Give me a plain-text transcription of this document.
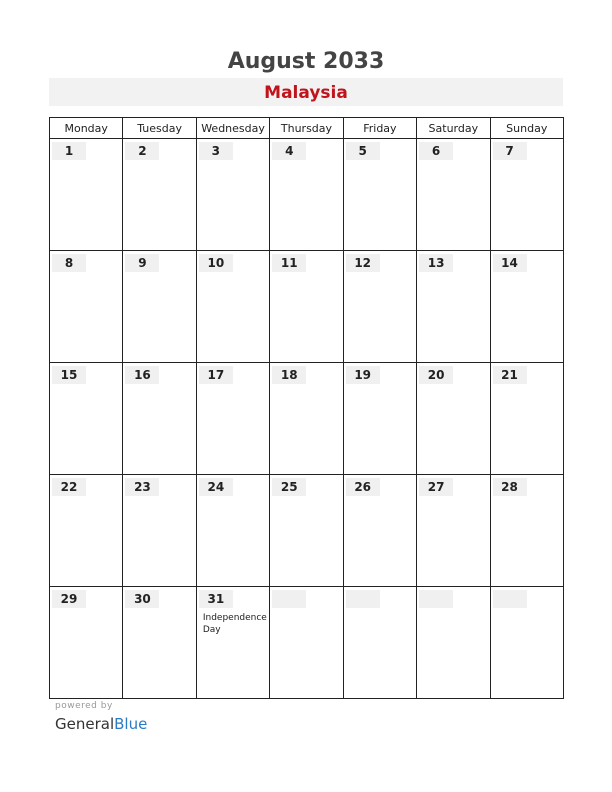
August 2033
Malaysia
Monday	Tuesday	Wednesday	Thursday	Friday	Saturday	Sunday

1	2	3	4	5	6	7

8	9	10	11	12	13	14

15	16	17	18	19	20	21

22	23	24	25	26	27	28

29	30	31
Independence Day				

powered by
GeneralBlue
